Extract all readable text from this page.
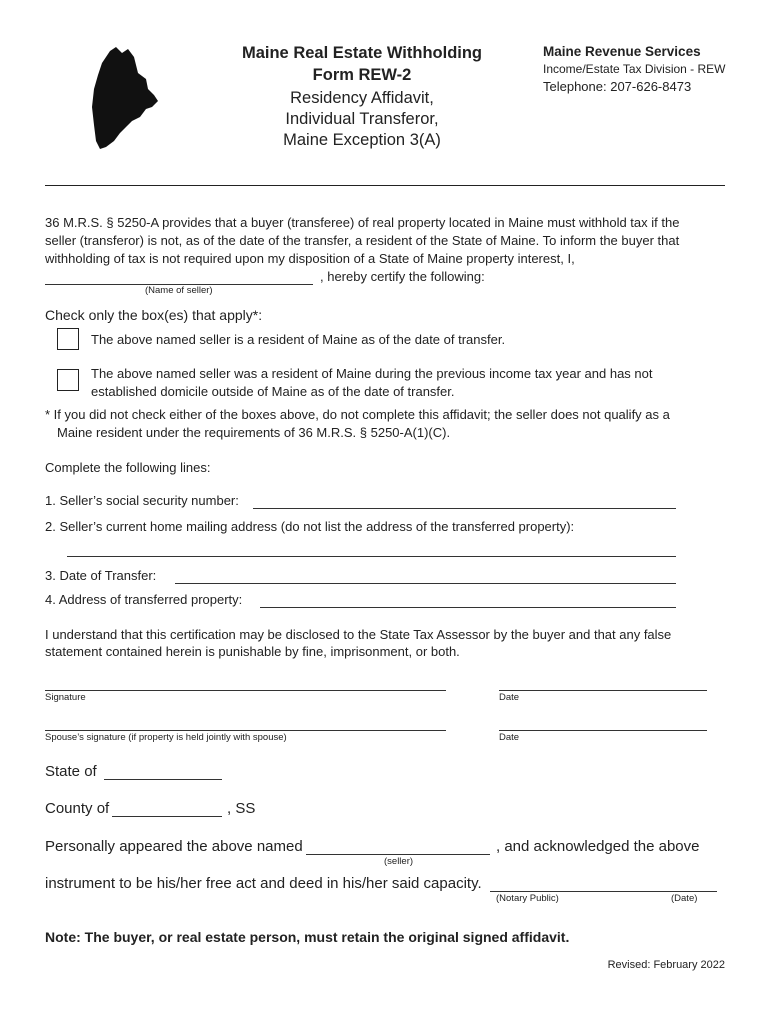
Maine Real Estate Withholding
Form REW-2
Residency Affidavit,
Individual Transferor,
Maine Exception 3(A)
Maine Revenue Services
Income/Estate Tax Division - REW
Telephone: 207-626-8473
36 M.R.S. § 5250-A provides that a buyer (transferee) of real property located in Maine must withhold tax if the
seller (transferor) is not, as of the date of the transfer, a resident of the State of Maine. To inform the buyer that
withholding of tax is not required upon my disposition of a State of Maine property interest, I,
, hereby certify the following:
(Name of seller)
Check only the box(es) that apply*:
The above named seller is a resident of Maine as of the date of transfer.
The above named seller was a resident of Maine during the previous income tax year and has not
established domicile outside of Maine as of the date of transfer.
* If you did not check either of the boxes above, do not complete this affidavit; the seller does not qualify as a
Maine resident under the requirements of 36 M.R.S. § 5250-A(1)(C).
Complete the following lines:
1. Seller’s social security number:
2. Seller’s current home mailing address (do not list the address of the transferred property):
3. Date of Transfer:
4. Address of transferred property:
I understand that this certification may be disclosed to the State Tax Assessor by the buyer and that any false
statement contained herein is punishable by fine, imprisonment, or both.
Signature	Date
Spouse’s signature (if property is held jointly with spouse)	Date
State of
County of	, SS
Personally appeared the above named	, and acknowledged the above
(seller)
instrument to be his/her free act and deed in his/her said capacity.
(Notary Public)	(Date)
Note: The buyer, or real estate person, must retain the original signed affidavit.
Revised: February 2022
